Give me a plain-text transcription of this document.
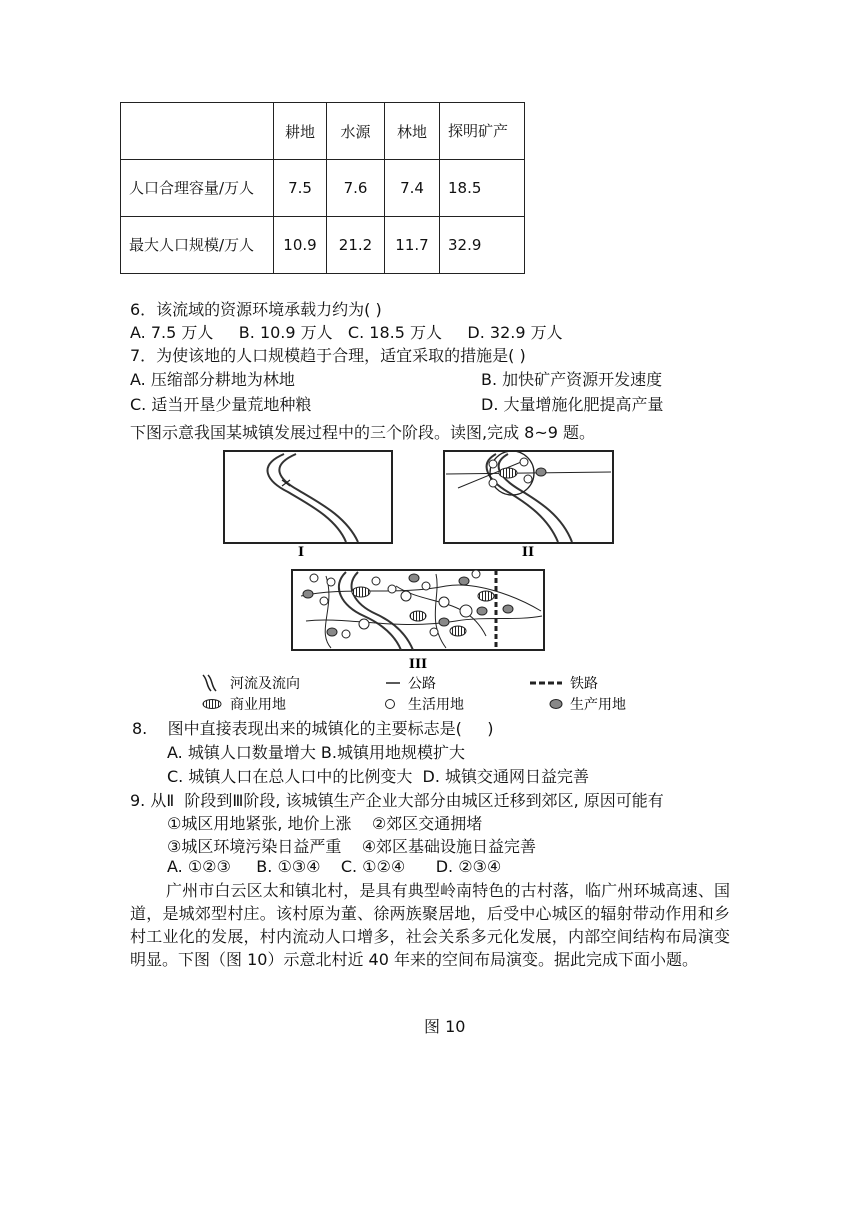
	耕地	水源	林地	探明矿产
人口合理容量/万人	7.5	7.6	7.4	18.5
最大人口规模/万人	10.9	21.2	11.7	32.9
6．该流域的资源环境承载力约为( )
A. 7.5 万人     B. 10.9 万人   C. 18.5 万人     D. 32.9 万人
7．为使该地的人口规模趋于合理，适宜采取的措施是( )
A. 压缩部分耕地为林地	B. 加快矿产资源开发速度
C. 适当开垦少量荒地种粮	D. 大量增施化肥提高产量
下图示意我国某城镇发展过程中的三个阶段。读图,完成 8~9 题。
I	II
III
河流及流向	公路	铁路
商业用地	生活用地	生产用地
8.    图中直接表现出来的城镇化的主要标志是(     )
A. 城镇人口数量增大 B.城镇用地规模扩大
C. 城镇人口在总人口中的比例变大  D. 城镇交通网日益完善
9. 从Ⅱ  阶段到Ⅲ阶段, 该城镇生产企业大部分由城区迁移到郊区, 原因可能有
①城区用地紧张, 地价上涨    ②郊区交通拥堵
③城区环境污染日益严重    ④郊区基础设施日益完善
A. ①②③     B. ①③④    C. ①②④      D. ②③④
广州市白云区太和镇北村，是具有典型岭南特色的古村落，临广州环城高速、国道，是城郊型村庄。该村原为董、徐两族聚居地，后受中心城区的辐射带动作用和乡村工业化的发展，村内流动人口增多，社会关系多元化发展，内部空间结构布局演变明显。下图（图 10）示意北村近 40 年来的空间布局演变。据此完成下面小题。
图 10
